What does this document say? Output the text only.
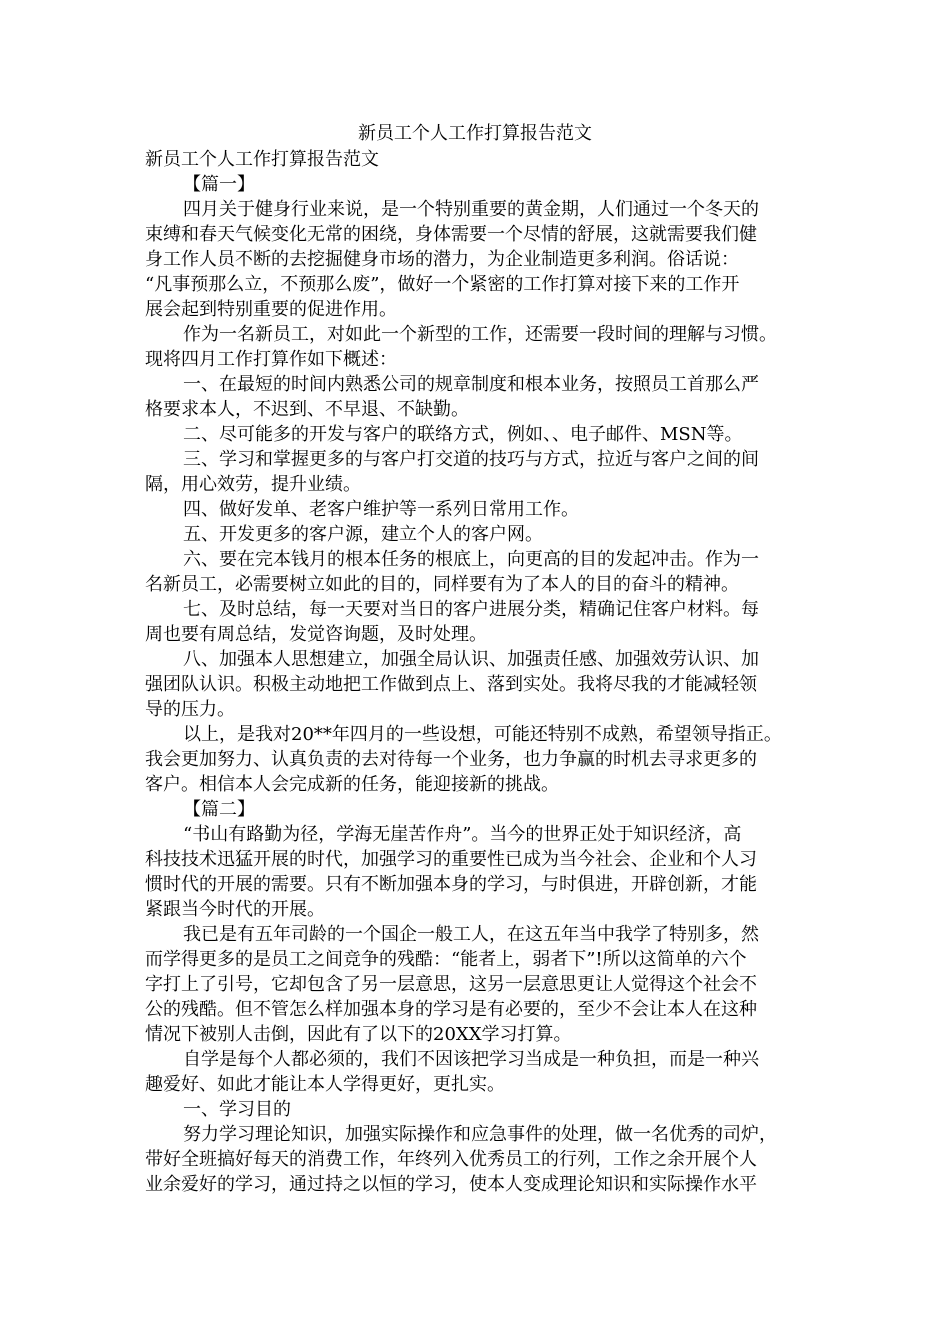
新员工个人工作打算报告范文
新员工个人工作打算报告范文
【篇一】
四月关于健身行业来说，是一个特别重要的黄金期，人们通过一个冬天的
束缚和春天气候变化无常的困绕，身体需要一个尽情的舒展，这就需要我们健
身工作人员不断的去挖掘健身市场的潜力，为企业制造更多利润。俗话说：
“凡事预那么立，不预那么废”，做好一个紧密的工作打算对接下来的工作开
展会起到特别重要的促进作用。
作为一名新员工，对如此一个新型的工作，还需要一段时间的理解与习惯。
现将四月工作打算作如下概述：
一、在最短的时间内熟悉公司的规章制度和根本业务，按照员工首那么严
格要求本人，不迟到、不早退、不缺勤。
二、尽可能多的开发与客户的联络方式，例如、、电子邮件、MSN等。
三、学习和掌握更多的与客户打交道的技巧与方式，拉近与客户之间的间
隔，用心效劳，提升业绩。
四、做好发单、老客户维护等一系列日常用工作。
五、开发更多的客户源，建立个人的客户网。
六、要在完本钱月的根本任务的根底上，向更高的目的发起冲击。作为一
名新员工，必需要树立如此的目的，同样要有为了本人的目的奋斗的精神。
七、及时总结，每一天要对当日的客户进展分类，精确记住客户材料。每
周也要有周总结，发觉咨询题，及时处理。
八、加强本人思想建立，加强全局认识、加强责任感、加强效劳认识、加
强团队认识。积极主动地把工作做到点上、落到实处。我将尽我的才能减轻领
导的压力。
以上，是我对20**年四月的一些设想，可能还特别不成熟，希望领导指正。
我会更加努力、认真负责的去对待每一个业务，也力争赢的时机去寻求更多的
客户。相信本人会完成新的任务，能迎接新的挑战。
【篇二】
“书山有路勤为径，学海无崖苦作舟”。当今的世界正处于知识经济，高
科技技术迅猛开展的时代，加强学习的重要性已成为当今社会、企业和个人习
惯时代的开展的需要。只有不断加强本身的学习，与时俱进，开辟创新，才能
紧跟当今时代的开展。
我已是有五年司龄的一个国企一般工人，在这五年当中我学了特别多，然
而学得更多的是员工之间竞争的残酷：“能者上，弱者下”!所以这简单的六个
字打上了引号，它却包含了另一层意思，这另一层意思更让人觉得这个社会不
公的残酷。但不管怎么样加强本身的学习是有必要的，至少不会让本人在这种
情况下被别人击倒，因此有了以下的20XX学习打算。
自学是每个人都必须的，我们不因该把学习当成是一种负担，而是一种兴
趣爱好、如此才能让本人学得更好，更扎实。
一、学习目的
努力学习理论知识，加强实际操作和应急事件的处理，做一名优秀的司炉，
带好全班搞好每天的消费工作，年终列入优秀员工的行列，工作之余开展个人
业余爱好的学习，通过持之以恒的学习，使本人变成理论知识和实际操作水平
